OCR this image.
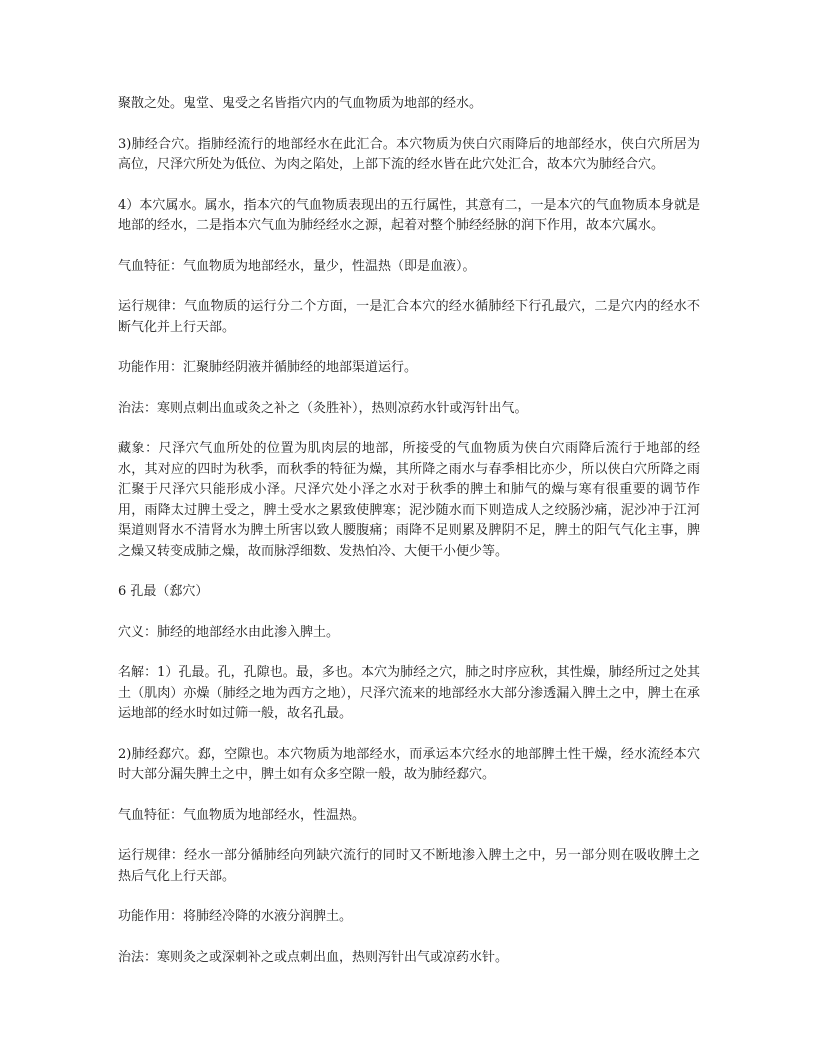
聚散之处。鬼堂、鬼受之名皆指穴内的气血物质为地部的经水。

3)肺经合穴。指肺经流行的地部经水在此汇合。本穴物质为侠白穴雨降后的地部经水，侠白穴所居为高位，尺泽穴所处为低位、为肉之陷处，上部下流的经水皆在此穴处汇合，故本穴为肺经合穴。

4）本穴属水。属水，指本穴的气血物质表现出的五行属性，其意有二，一是本穴的气血物质本身就是地部的经水，二是指本穴气血为肺经经水之源，起着对整个肺经经脉的润下作用，故本穴属水。

气血特征：气血物质为地部经水，量少，性温热（即是血液）。

运行规律：气血物质的运行分二个方面，一是汇合本穴的经水循肺经下行孔最穴，二是穴内的经水不断气化并上行天部。

功能作用：汇聚肺经阴液并循肺经的地部渠道运行。

治法：寒则点刺出血或灸之补之（灸胜补），热则凉药水针或泻针出气。

藏象：尺泽穴气血所处的位置为肌肉层的地部，所接受的气血物质为侠白穴雨降后流行于地部的经水，其对应的四时为秋季，而秋季的特征为燥，其所降之雨水与春季相比亦少，所以侠白穴所降之雨汇聚于尺泽穴只能形成小泽。尺泽穴处小泽之水对于秋季的脾土和肺气的燥与寒有很重要的调节作用，雨降太过脾土受之，脾土受水之累致使脾寒；泥沙随水而下则造成人之绞肠沙痛，泥沙冲于江河渠道则肾水不清肾水为脾土所害以致人腰腹痛；雨降不足则累及脾阴不足，脾土的阳气气化主事，脾之燥又转变成肺之燥，故而脉浮细数、发热怕冷、大便干小便少等。

6 孔最（郄穴）

穴义：肺经的地部经水由此渗入脾土。

名解：1）孔最。孔，孔隙也。最，多也。本穴为肺经之穴，肺之时序应秋，其性燥，肺经所过之处其土（肌肉）亦燥（肺经之地为西方之地），尺泽穴流来的地部经水大部分渗透漏入脾土之中，脾土在承运地部的经水时如过筛一般，故名孔最。

2)肺经郄穴。郄，空隙也。本穴物质为地部经水，而承运本穴经水的地部脾土性干燥，经水流经本穴时大部分漏失脾土之中，脾土如有众多空隙一般，故为肺经郄穴。

气血特征：气血物质为地部经水，性温热。

运行规律：经水一部分循肺经向列缺穴流行的同时又不断地渗入脾土之中，另一部分则在吸收脾土之热后气化上行天部。

功能作用：将肺经冷降的水液分润脾土。

治法：寒则灸之或深刺补之或点刺出血，热则泻针出气或凉药水针。
